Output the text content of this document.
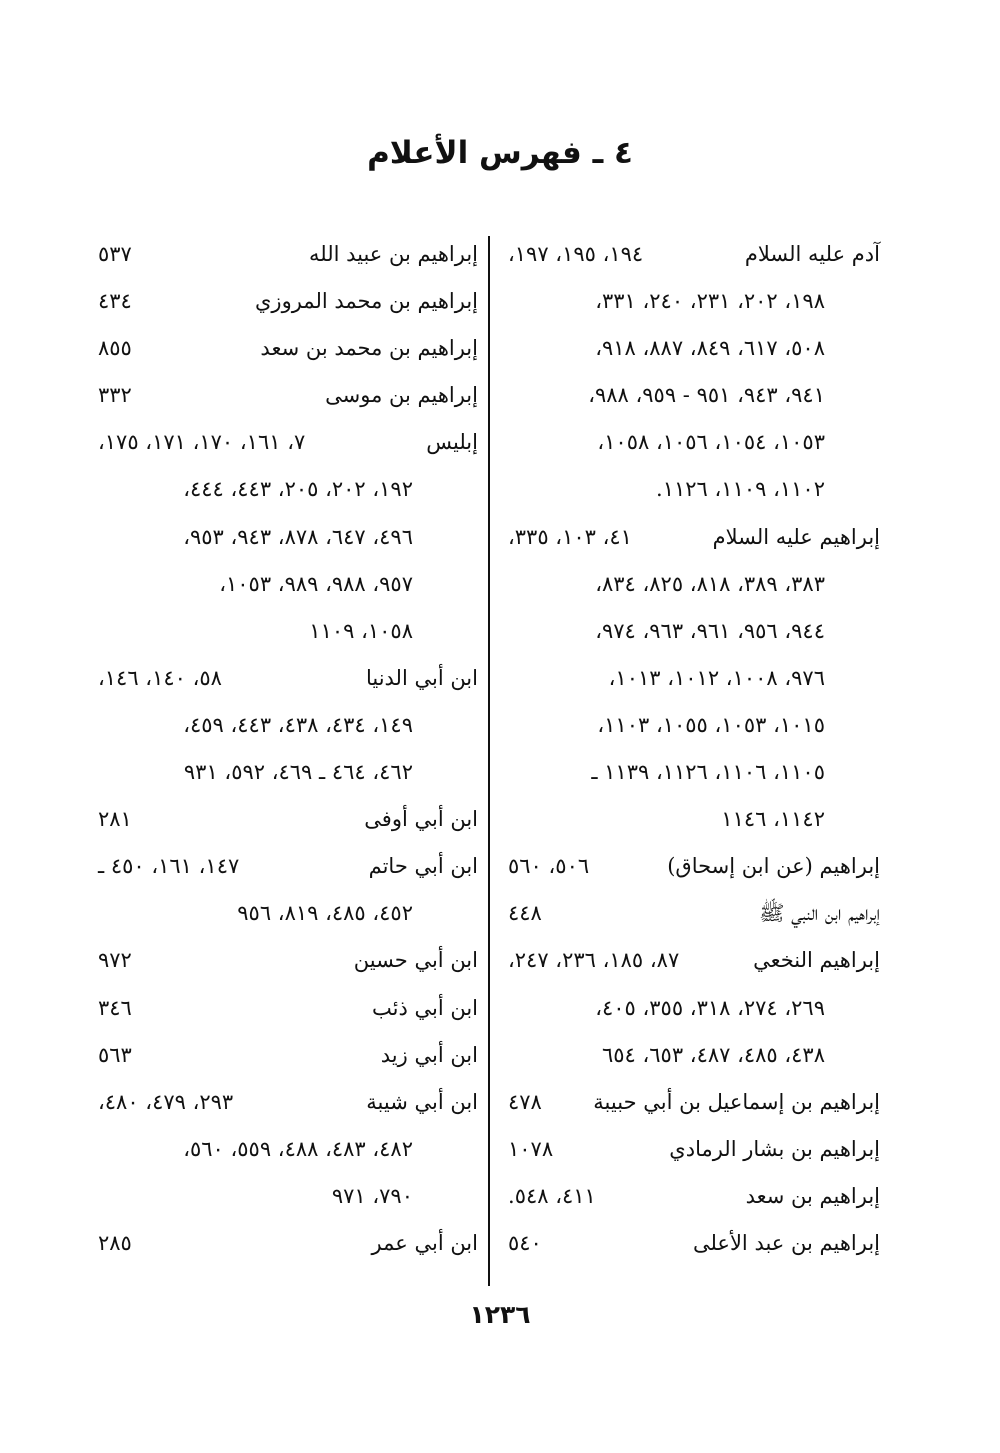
٤ ـ فهرس الأعلام
آدم عليه السلام
١٩٤، ١٩٥، ١٩٧،
١٩٨، ٢٠٢، ٢٣١، ٢٤٠، ٣٣١،
٥٠٨، ٦١٧، ٨٤٩، ٨٨٧، ٩١٨،
٩٤١، ٩٤٣، ٩٥١ - ٩٥٩، ٩٨٨،
١٠٥٣، ١٠٥٤، ١٠٥٦، ١٠٥٨،
١١٠٢، ١١٠٩، ١١٢٦.
إبراهيم عليه السلام
٤١، ١٠٣، ٣٣٥،
٣٨٣، ٣٨٩، ٨١٨، ٨٢٥، ٨٣٤،
٩٤٤، ٩٥٦، ٩٦١، ٩٦٣، ٩٧٤،
٩٧٦، ١٠٠٨، ١٠١٢، ١٠١٣،
١٠١٥، ١٠٥٣، ١٠٥٥، ١١٠٣،
١١٠٥، ١١٠٦، ١١٢٦، ١١٣٩ ـ
١١٤٢، ١١٤٦
إبراهيم (عن ابن إسحاق)
٥٠٦، ٥٦٠
إبراهيم ابن النبي ﷺ
٤٤٨
إبراهيم النخعي
٨٧، ١٨٥، ٢٣٦، ٢٤٧،
٢٦٩، ٢٧٤، ٣١٨، ٣٥٥، ٤٠٥،
٤٣٨، ٤٨٥، ٤٨٧، ٦٥٣، ٦٥٤
إبراهيم بن إسماعيل بن أبي حبيبة
٤٧٨
إبراهيم بن بشار الرمادي
١٠٧٨
إبراهيم بن سعد
٤١١، ٥٤٨.
إبراهيم بن عبد الأعلى
٥٤٠
إبراهيم بن عبيد الله
٥٣٧
إبراهيم بن محمد المروزي
٤٣٤
إبراهيم بن محمد بن سعد
٨٥٥
إبراهيم بن موسى
٣٣٢
إبليس
٧، ١٦١، ١٧٠، ١٧١، ١٧٥،
١٩٢، ٢٠٢، ٢٠٥، ٤٤٣، ٤٤٤،
٤٩٦، ٦٤٧، ٨٧٨، ٩٤٣، ٩٥٣،
٩٥٧، ٩٨٨، ٩٨٩، ١٠٥٣،
١٠٥٨، ١١٠٩
ابن أبي الدنيا
٥٨، ١٤٠، ١٤٦،
١٤٩، ٤٣٤، ٤٣٨، ٤٤٣، ٤٥٩،
٤٦٢، ٤٦٤ ـ ٤٦٩، ٥٩٢، ٩٣١
ابن أبي أوفى
٢٨١
ابن أبي حاتم
١٤٧، ١٦١، ٤٥٠ ـ
٤٥٢، ٤٨٥، ٨١٩، ٩٥٦
ابن أبي حسين
٩٧٢
ابن أبي ذئب
٣٤٦
ابن أبي زيد
٥٦٣
ابن أبي شيبة
٢٩٣، ٤٧٩، ٤٨٠،
٤٨٢، ٤٨٣، ٤٨٨، ٥٥٩، ٥٦٠،
٧٩٠، ٩٧١
ابن أبي عمر
٢٨٥
١٢٣٦
